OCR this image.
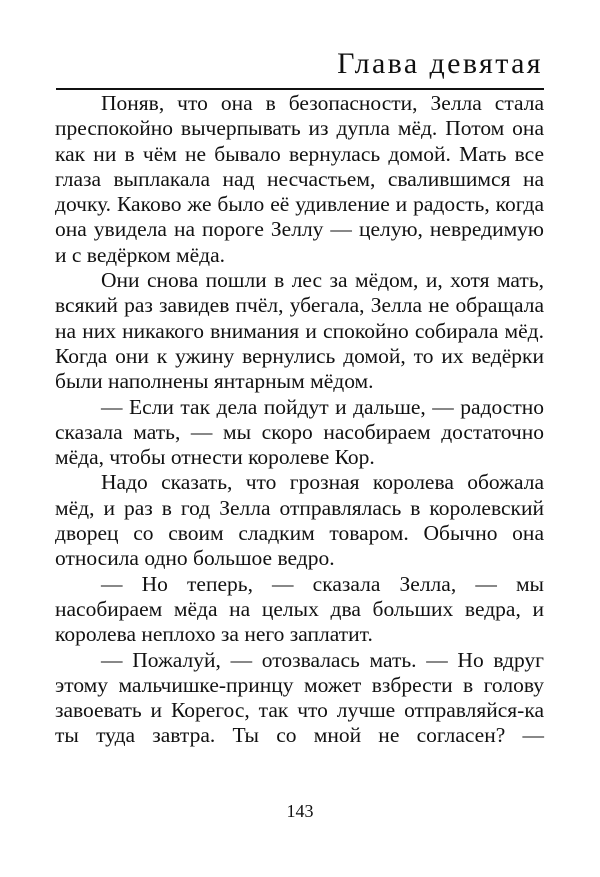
Глава девятая

Поняв, что она в безопасности, Зелла стала преспокойно вычерпывать из дупла мёд. Потом она как ни в чём не бывало вернулась домой. Мать все глаза выплакала над несчастьем, свалившимся на дочку. Каково же было её удивление и радость, когда она увидела на пороге Зеллу — целую, невредимую и с ведёрком мёда.

Они снова пошли в лес за мёдом, и, хотя мать, всякий раз завидев пчёл, убегала, Зелла не обращала на них никакого внимания и спокойно собирала мёд. Когда они к ужину вернулись домой, то их ведёрки были наполнены янтарным мёдом.

— Если так дела пойдут и дальше, — радостно сказала мать, — мы скоро насобираем достаточно мёда, чтобы отнести королеве Кор.

Надо сказать, что грозная королева обожала мёд, и раз в год Зелла отправлялась в королевский дворец со своим сладким товаром. Обычно она относила одно большое ведро.

— Но теперь, — сказала Зелла, — мы насобираем мёда на целых два больших ведра, и королева неплохо за него заплатит.

— Пожалуй, — отозвалась мать. — Но вдруг этому мальчишке-принцу может взбрести в голову завоевать и Корегос, так что лучше отправляйся-ка ты туда завтра. Ты со мной не согласен? —

143
